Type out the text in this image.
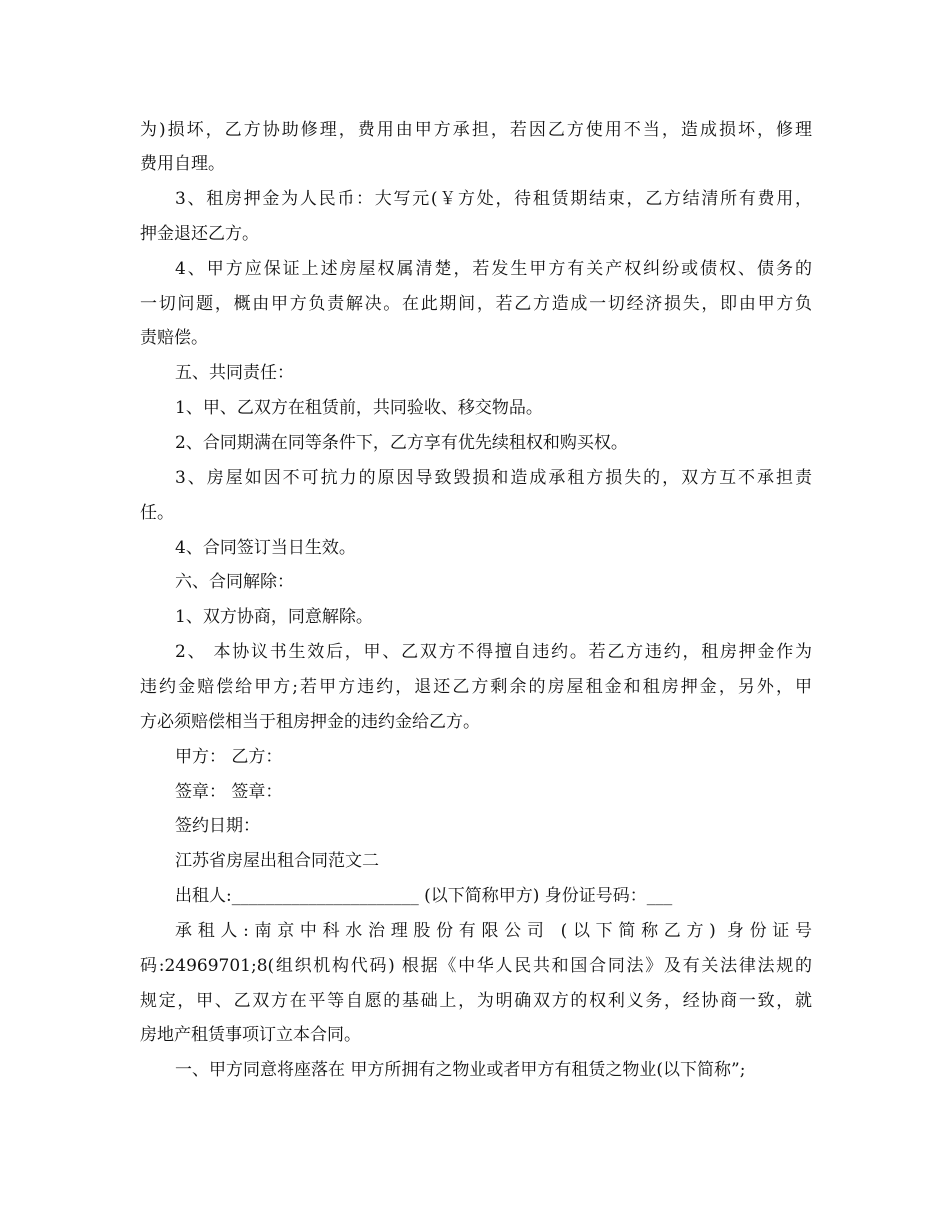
为)损坏，乙方协助修理，费用由甲方承担，若因乙方使用不当，造成损坏，修理
费用自理。
3、租房押金为人民币：大写元(￥方处，待租赁期结束，乙方结清所有费用，
押金退还乙方。
4、甲方应保证上述房屋权属清楚，若发生甲方有关产权纠纷或债权、债务的
一切问题，概由甲方负责解决。在此期间，若乙方造成一切经济损失，即由甲方负
责赔偿。
五、共同责任：
1、甲、乙双方在租赁前，共同验收、移交物品。
2、合同期满在同等条件下，乙方享有优先续租权和购买权。
3、房屋如因不可抗力的原因导致毁损和造成承租方损失的，双方互不承担责
任。
4、合同签订当日生效。
六、合同解除：
1、双方协商，同意解除。
2、 本协议书生效后，甲、乙双方不得擅自违约。若乙方违约，租房押金作为
违约金赔偿给甲方;若甲方违约，退还乙方剩余的房屋租金和租房押金，另外，甲
方必须赔偿相当于租房押金的违约金给乙方。
甲方： 乙方：
签章： 签章：
签约日期：
江苏省房屋出租合同范文二
出租人:______________________ (以下简称甲方) 身份证号码：___
承租人:南京中科水治理股份有限公司 (以下简称乙方) 身份证号
码:24969701;8(组织机构代码) 根据《中华人民共和国合同法》及有关法律法规的
规定，甲、乙双方在平等自愿的基础上，为明确双方的权利义务，经协商一致，就
房地产租赁事项订立本合同。
一、甲方同意将座落在 甲方所拥有之物业或者甲方有租赁之物业(以下简称”;
